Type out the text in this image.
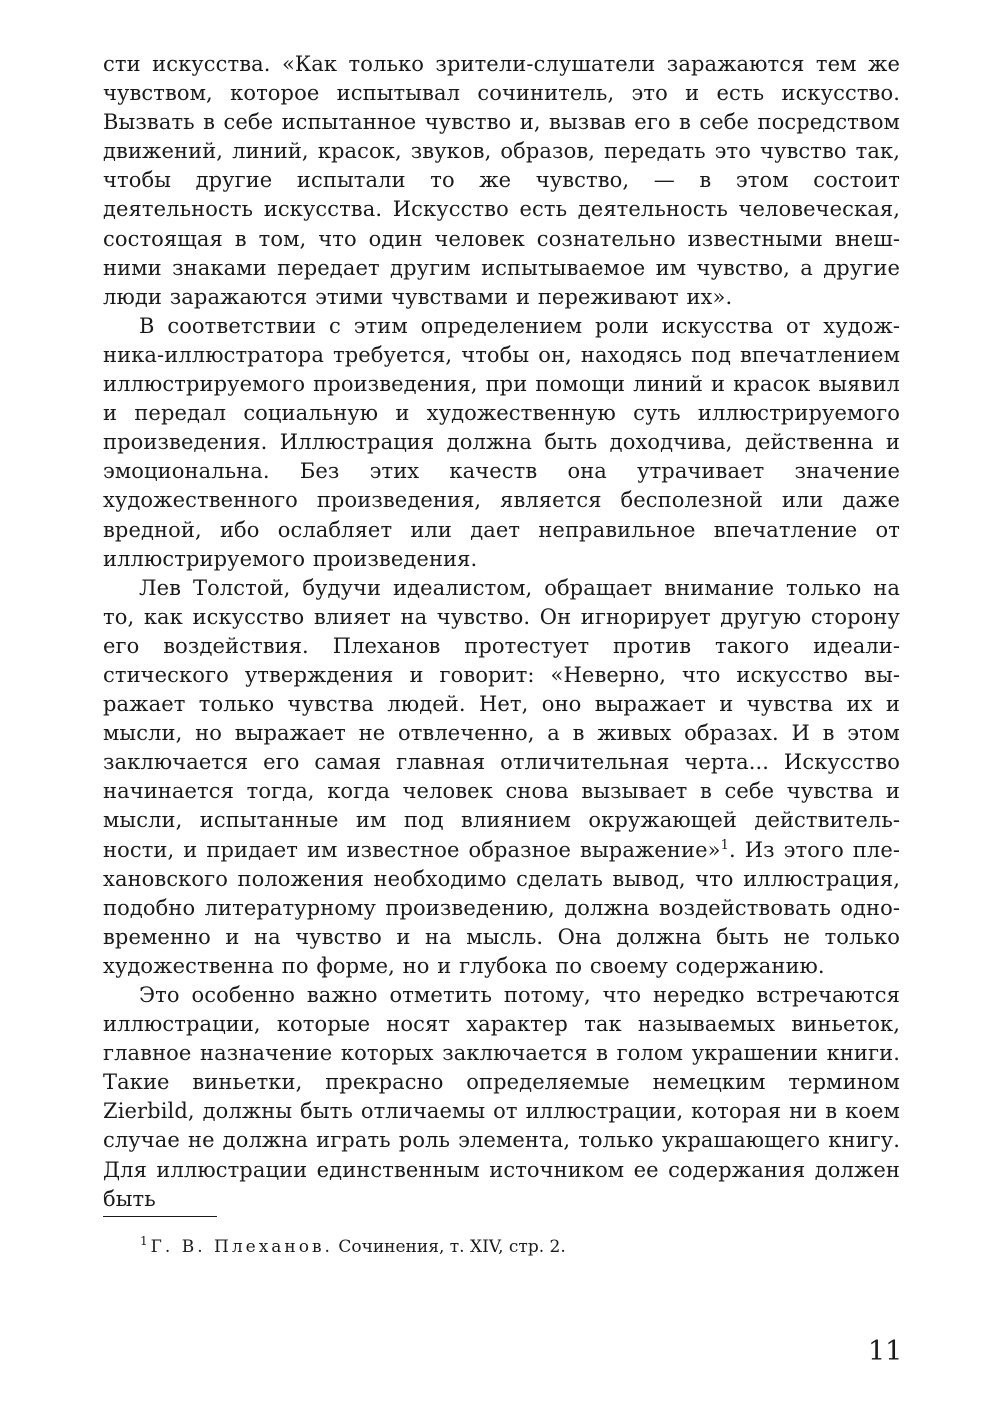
сти искусства. «Как только зрители-слушатели заражаются тем же чувством, которое испытывал сочинитель, это и есть искусство. Вызвать в себе испытанное чувство и, вызвав его в себе посредством движений, линий, красок, звуков, образов, передать это чувство так, чтобы другие испытали то же чувство, — в этом состоит деятельность искусства. Искусство есть деятельность человеческая, состоящая в том, что один человек сознательно известными внешними знаками передает другим испытываемое им чувство, а другие люди заражаются этими чувствами и переживают их».

В соответствии с этим определением роли искусства от художника-иллюстратора требуется, чтобы он, находясь под впечатлением иллюстрируемого произведения, при помощи линий и красок выявил и передал социальную и художественную суть иллюстрируемого произведения. Иллюстрация должна быть доходчива, действенна и эмоциональна. Без этих качеств она утрачивает значение художественного произведения, является бесполезной или даже вредной, ибо ослабляет или дает неправильное впечатление от иллюстрируемого произведения.

Лев Толстой, будучи идеалистом, обращает внимание только на то, как искусство влияет на чувство. Он игнорирует другую сторону его воздействия. Плеханов протестует против такого идеалистического утверждения и говорит: «Неверно, что искусство выражает только чувства людей. Нет, оно выражает и чувства их и мысли, но выражает не отвлеченно, а в живых образах. И в этом заключается его самая главная отличительная черта... Искусство начинается тогда, когда человек снова вызывает в себе чувства и мысли, испытанные им под влиянием окружающей действительности, и придает им известное образное выражение»$^1$. Из этого плехановского положения необходимо сделать вывод, что иллюстрация, подобно литературному произведению, должна воздействовать одновременно и на чувство и на мысль. Она должна быть не только художественна по форме, но и глубока по своему содержанию.

Это особенно важно отметить потому, что нередко встречаются иллюстрации, которые носят характер так называемых виньеток, главное назначение которых заключается в голом украшении книги. Такие виньетки, прекрасно определяемые немецким термином Zierbild, должны быть отличаемы от иллюстрации, которая ни в коем случае не должна играть роль элемента, только украшающего книгу. Для иллюстрации единственным источником ее содержания должен быть

$^1$ Г. В. Плеханов. Сочинения, т. XIV, стр. 2.
11
